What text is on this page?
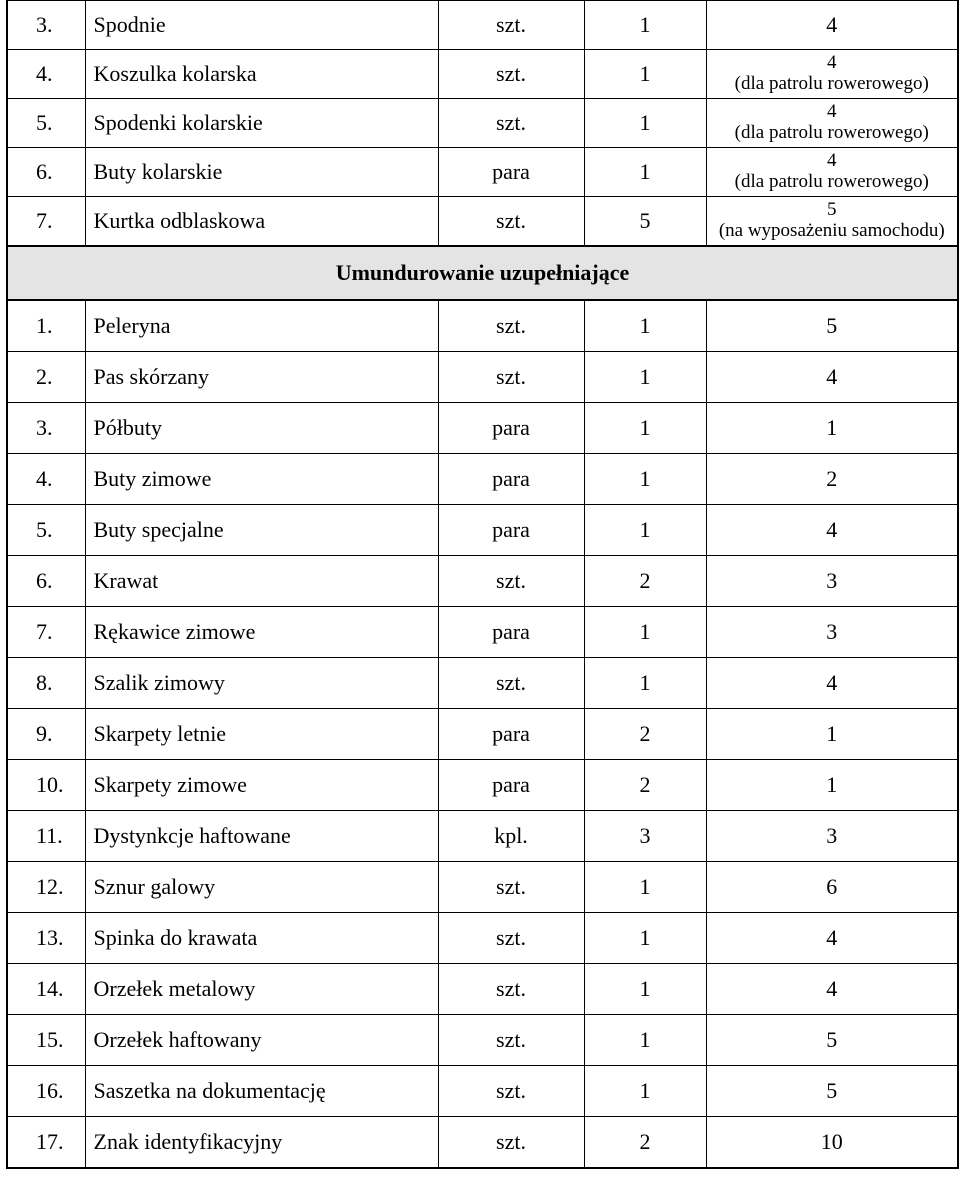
3.	Spodnie	szt.	1	4

4.	Koszulka kolarska	szt.	1	4
(dla patrolu rowerowego)

5.	Spodenki kolarskie	szt.	1	4
(dla patrolu rowerowego)

6.	Buty kolarskie	para	1	4
(dla patrolu rowerowego)

7.	Kurtka odblaskowa	szt.	5	5
(na wyposażeniu samochodu)

Umundurowanie uzupełniające				
1.	Peleryna	szt.	1	5
2.	Pas skórzany	szt.	1	4
3.	Półbuty	para	1	1
4.	Buty zimowe	para	1	2
5.	Buty specjalne	para	1	4
6.	Krawat	szt.	2	3
7.	Rękawice zimowe	para	1	3
8.	Szalik zimowy	szt.	1	4
9.	Skarpety letnie	para	2	1
10.	Skarpety zimowe	para	2	1
11.	Dystynkcje haftowane	kpl.	3	3
12.	Sznur galowy	szt.	1	6
13.	Spinka do krawata	szt.	1	4
14.	Orzełek metalowy	szt.	1	4
15.	Orzełek haftowany	szt.	1	5
16.	Saszetka na dokumentację	szt.	1	5
17.	Znak identyfikacyjny	szt.	2	10
